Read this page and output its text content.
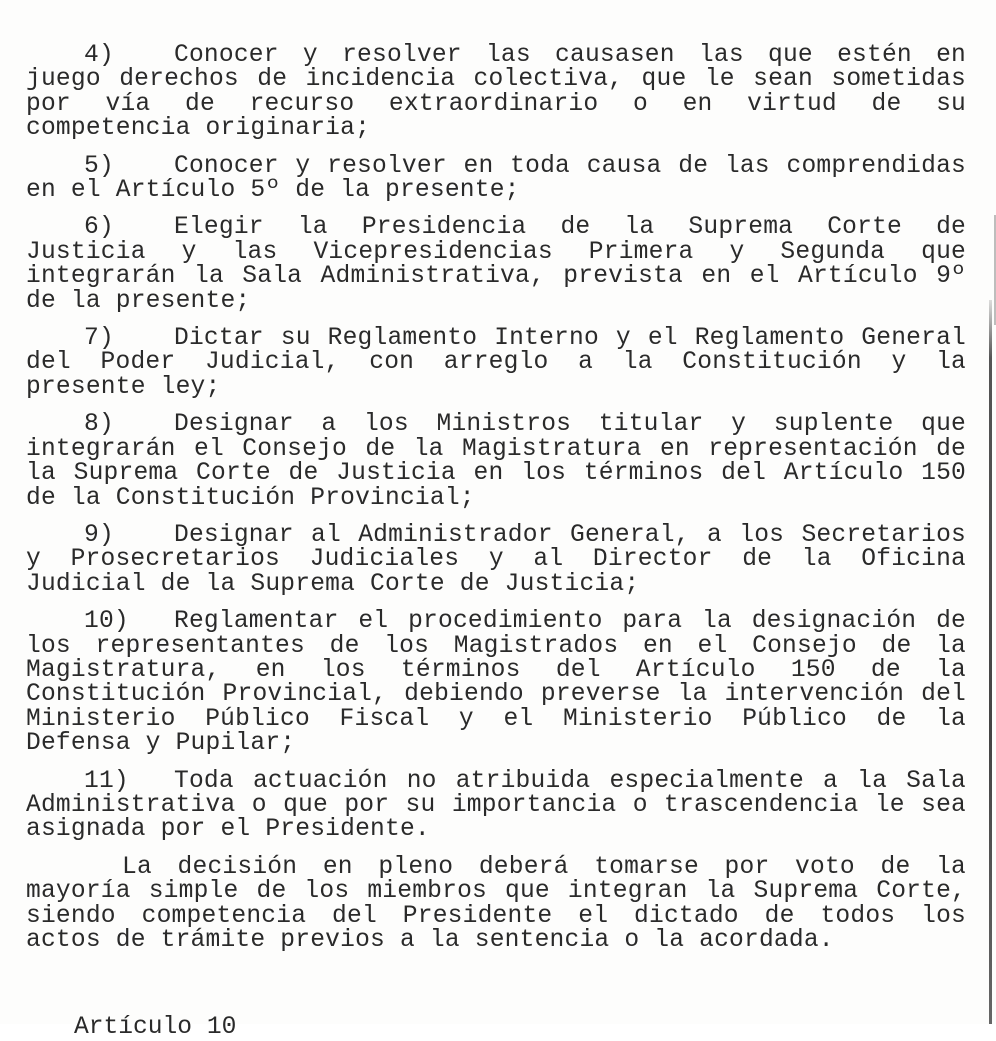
4) Conocer y resolver las causasen las que estén en juego derechos de incidencia colectiva, que le sean sometidas por vía de recurso extraordinario o en virtud de su competencia originaria;

5) Conocer y resolver en toda causa de las comprendidas en el Artículo 5º de la presente;

6) Elegir la Presidencia de la Suprema Corte de Justicia y las Vicepresidencias Primera y Segunda que integrarán la Sala Administrativa, prevista en el Artículo 9º de la presente;

7) Dictar su Reglamento Interno y el Reglamento General del Poder Judicial, con arreglo a la Constitución y la presente ley;

8) Designar a los Ministros titular y suplente que integrarán el Consejo de la Magistratura en representación de la Suprema Corte de Justicia en los términos del Artículo 150 de la Constitución Provincial;

9) Designar al Administrador General, a los Secretarios y Prosecretarios Judiciales y al Director de la Oficina Judicial de la Suprema Corte de Justicia;

10) Reglamentar el procedimiento para la designación de los representantes de los Magistrados en el Consejo de la Magistratura, en los términos del Artículo 150 de la Constitución Provincial, debiendo preverse la intervención del Ministerio Público Fiscal y el Ministerio Público de la Defensa y Pupilar;

11) Toda actuación no atribuida especialmente a la Sala Administrativa o que por su importancia o trascendencia le sea asignada por el Presidente.

La decisión en pleno deberá tomarse por voto de la mayoría simple de los miembros que integran la Suprema Corte, siendo competencia del Presidente el dictado de todos los actos de trámite previos a la sentencia o la acordada.

Artículo 10
